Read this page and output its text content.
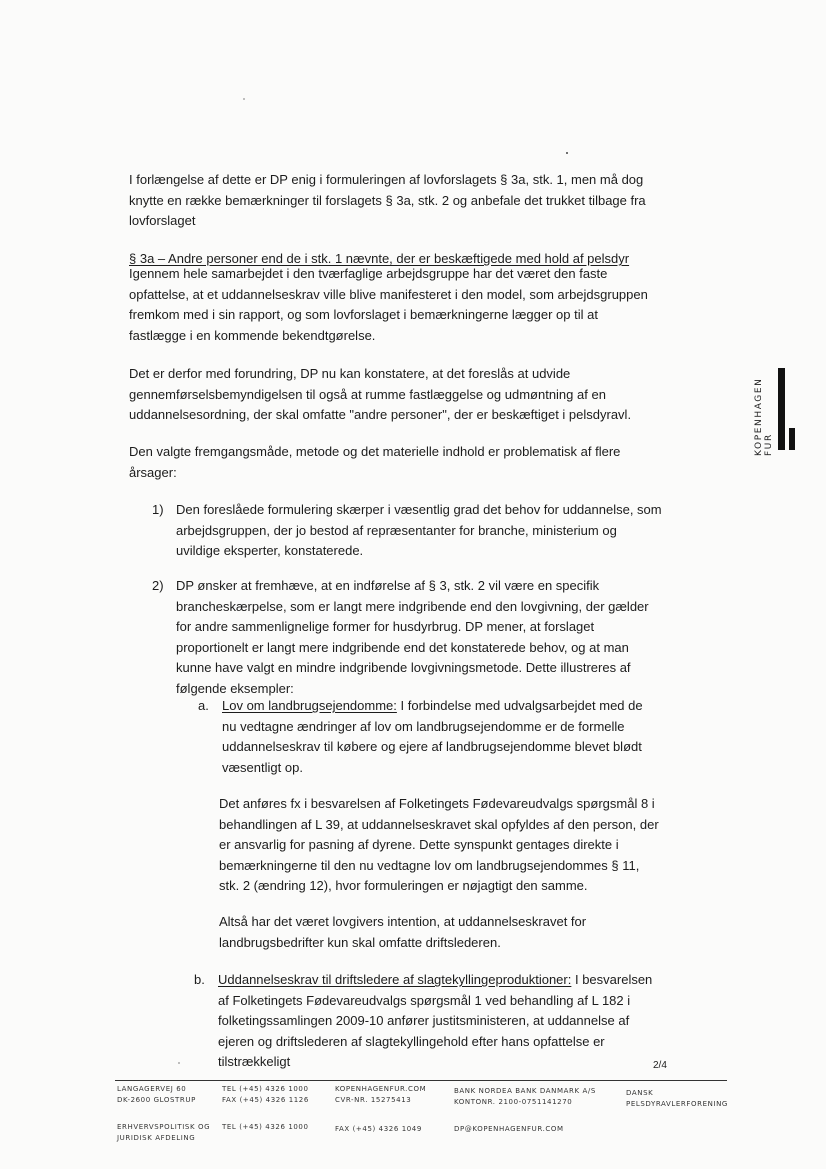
I forlængelse af dette er DP enig i formuleringen af lovforslagets § 3a, stk. 1, men må dog knytte en række bemærkninger til forslagets § 3a, stk. 2 og anbefale det trukket tilbage fra lovforslaget

§ 3a – Andre personer end de i stk. 1 nævnte, der er beskæftigede med hold af pelsdyr

Igennem hele samarbejdet i den tværfaglige arbejdsgruppe har det været den faste opfattelse, at et uddannelseskrav ville blive manifesteret i den model, som arbejdsgruppen fremkom med i sin rapport, og som lovforslaget i bemærkningerne lægger op til at fastlægge i en kommende bekendtgørelse.

Det er derfor med forundring, DP nu kan konstatere, at det foreslås at udvide gennemførselsbemyndigelsen til også at rumme fastlæggelse og udmøntning af en uddannelsesordning, der skal omfatte "andre personer", der er beskæftiget i pelsdyravl.

Den valgte fremgangsmåde, metode og det materielle indhold er problematisk af flere årsager:

1) Den foreslåede formulering skærper i væsentlig grad det behov for uddannelse, som arbejdsgruppen, der jo bestod af repræsentanter for branche, ministerium og uvildige eksperter, konstaterede.

2) DP ønsker at fremhæve, at en indførelse af § 3, stk. 2 vil være en specifik brancheskærpelse, som er langt mere indgribende end den lovgivning, der gælder for andre sammenlignelige former for husdyrbrug. DP mener, at forslaget proportionelt er langt mere indgribende end det konstaterede behov, og at man kunne have valgt en mindre indgribende lovgivningsmetode. Dette illustreres af følgende eksempler:

a. Lov om landbrugsejendomme: I forbindelse med udvalgsarbejdet med de nu vedtagne ændringer af lov om landbrugsejendomme er de formelle uddannelseskrav til købere og ejere af landbrugsejendomme blevet blødt væsentligt op.

Det anføres fx i besvarelsen af Folketingets Fødevareudvalgs spørgsmål 8 i behandlingen af L 39, at uddannelseskravet skal opfyldes af den person, der er ansvarlig for pasning af dyrene. Dette synspunkt gentages direkte i bemærkningerne til den nu vedtagne lov om landbrugsejendommes § 11, stk. 2 (ændring 12), hvor formuleringen er nøjagtigt den samme.

Altså har det været lovgivers intention, at uddannelseskravet for landbrugsbedrifter kun skal omfatte driftslederen.

b. Uddannelseskrav til driftsledere af slagtekyllingeproduktioner: I besvarelsen af Folketingets Fødevareudvalgs spørgsmål 1 ved behandling af L 182 i folketingssamlingen 2009-10 anfører justitsministeren, at uddannelse af ejeren og driftslederen af slagtekyllingehold efter hans opfattelse er tilstrækkeligt

KOPENHAGEN FUR
2/4
LANGAGERVEJ 60
DK-2600 GLOSTRUP
TEL (+45) 4326 1000
FAX (+45) 4326 1126
KOPENHAGENFUR.COM
CVR-NR. 15275413
BANK NORDEA BANK DANMARK A/S
KONTONR. 2100-0751141270
DANSK
PELSDYRAVLERFORENING
ERHVERVSPOLITISK OG
JURIDISK AFDELING
TEL (+45) 4326 1000	FAX (+45) 4326 1049	DP@KOPENHAGENFUR.COM
